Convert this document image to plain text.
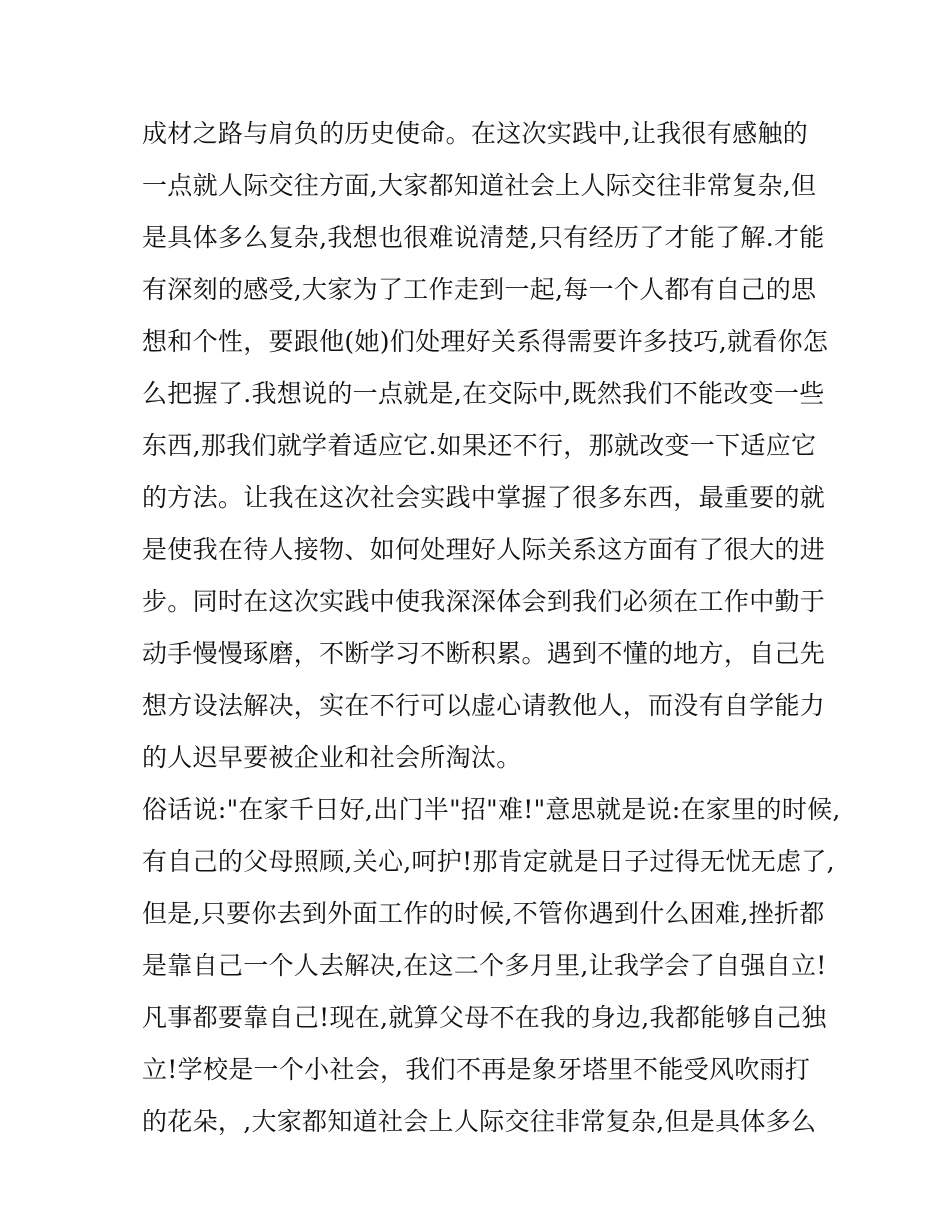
成材之路与肩负的历史使命。在这次实践中,让我很有感触的
一点就人际交往方面,大家都知道社会上人际交往非常复杂,但
是具体多么复杂,我想也很难说清楚,只有经历了才能了解.才能
有深刻的感受,大家为了工作走到一起,每一个人都有自己的思
想和个性，要跟他(她)们处理好关系得需要许多技巧,就看你怎
么把握了.我想说的一点就是,在交际中,既然我们不能改变一些
东西,那我们就学着适应它.如果还不行，那就改变一下适应它
的方法。让我在这次社会实践中掌握了很多东西，最重要的就
是使我在待人接物、如何处理好人际关系这方面有了很大的进
步。同时在这次实践中使我深深体会到我们必须在工作中勤于
动手慢慢琢磨，不断学习不断积累。遇到不懂的地方，自己先
想方设法解决，实在不行可以虚心请教他人，而没有自学能力
的人迟早要被企业和社会所淘汰。
俗话说:"在家千日好,出门半"招"难!"意思就是说:在家里的时候,
有自己的父母照顾,关心,呵护!那肯定就是日子过得无忧无虑了,
但是,只要你去到外面工作的时候,不管你遇到什么困难,挫折都
是靠自己一个人去解决,在这二个多月里,让我学会了自强自立!
凡事都要靠自己!现在,就算父母不在我的身边,我都能够自己独
立!学校是一个小社会，我们不再是象牙塔里不能受风吹雨打
的花朵，,大家都知道社会上人际交往非常复杂,但是具体多么
